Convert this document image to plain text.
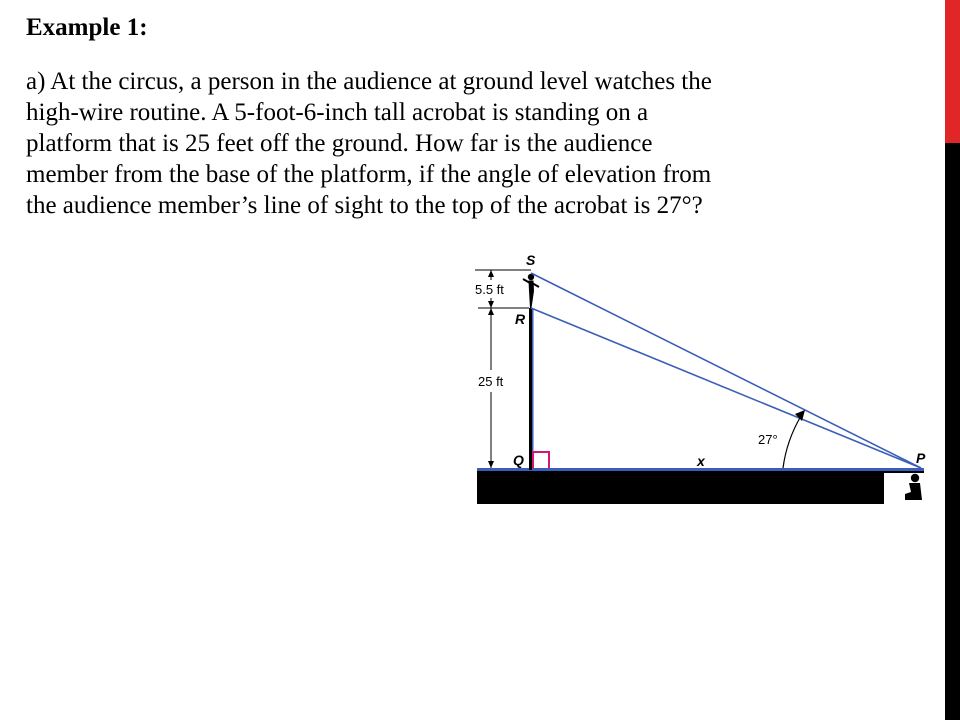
Example 1:

a) At the circus, a person in the audience at ground level watches the
high-wire routine. A 5-foot-6-inch tall acrobat is standing on a
platform that is 25 feet off the ground. How far is the audience
member from the base of the platform, if the angle of elevation from
the audience member’s line of sight to the top of the acrobat is 27°?

S
R
Q	P
5.5 ft
25 ft
x
27°
